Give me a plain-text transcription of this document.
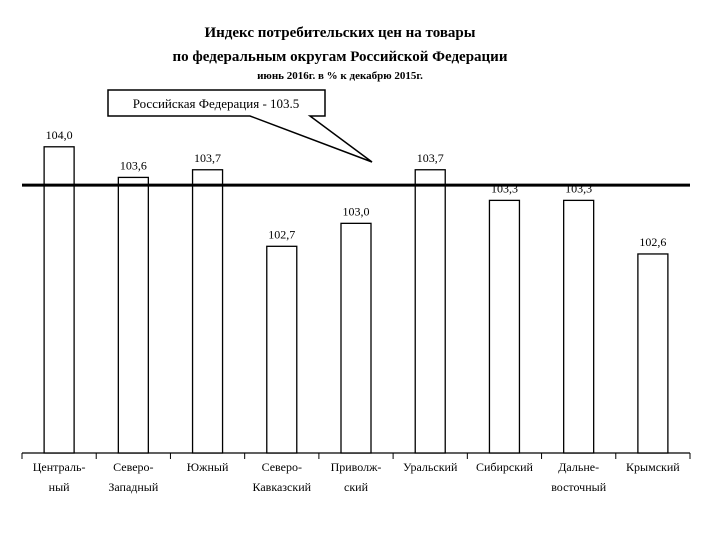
Индекс потребительских цен на товары
по федеральным округам Российской Федерации
июнь 2016г. в % к декабрю 2015г.
104,0
Централь-
ный
103,6
Северо-
Западный
103,7
Южный
102,7
Северо-
Кавказский
103,0
Приволж-
ский
103,7
Уральский
103,3
Сибирский
103,3
Дальне-
восточный
102,6
Крымский
Российская Федерация - 103.5
